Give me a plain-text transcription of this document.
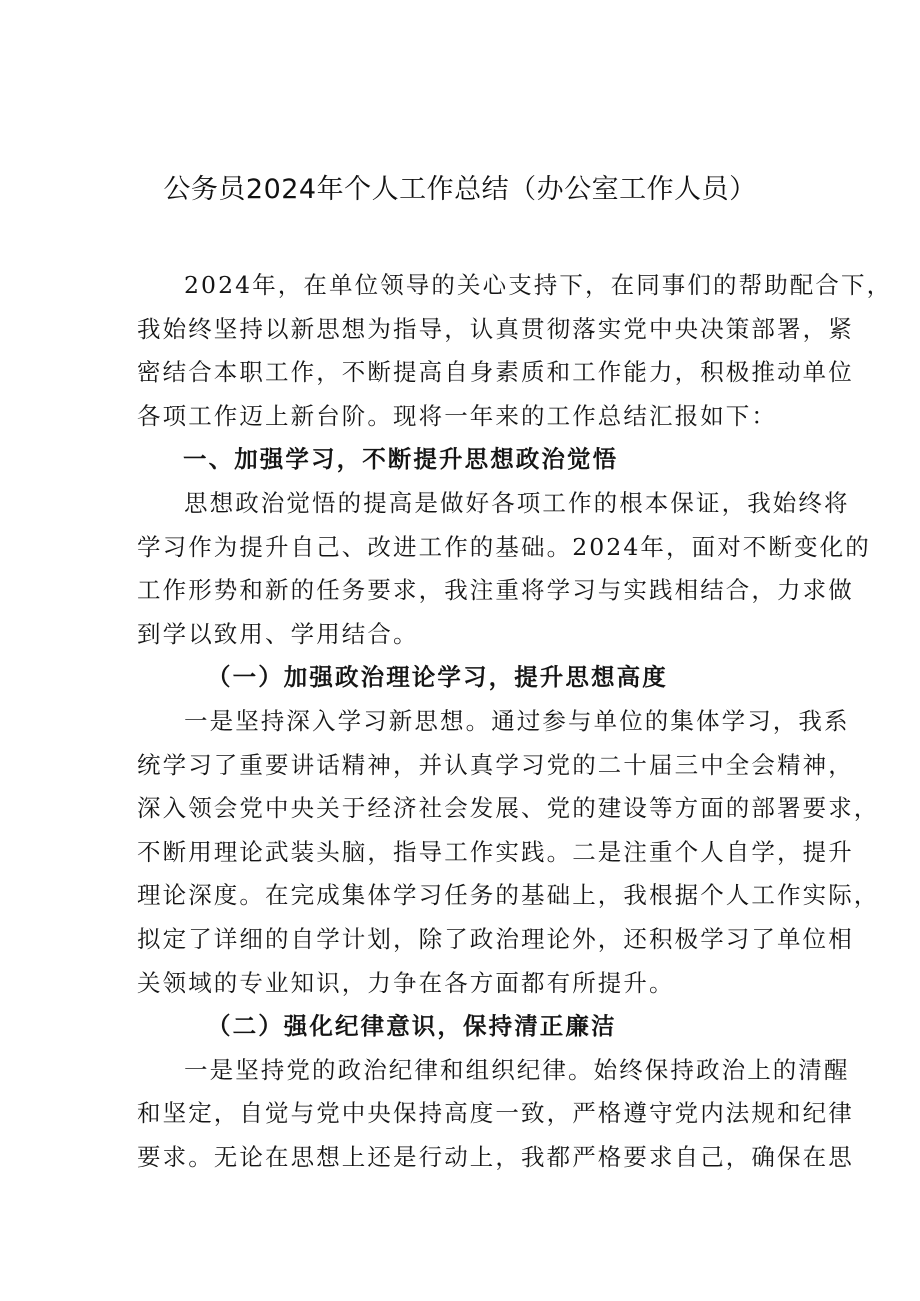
公务员2024年个人工作总结（办公室工作人员）

2024年，在单位领导的关心支持下，在同事们的帮助配合下，
我始终坚持以新思想为指导，认真贯彻落实党中央决策部署，紧
密结合本职工作，不断提高自身素质和工作能力，积极推动单位
各项工作迈上新台阶。现将一年来的工作总结汇报如下：

一、加强学习，不断提升思想政治觉悟

思想政治觉悟的提高是做好各项工作的根本保证，我始终将
学习作为提升自己、改进工作的基础。2024年，面对不断变化的
工作形势和新的任务要求，我注重将学习与实践相结合，力求做
到学以致用、学用结合。

（一）加强政治理论学习，提升思想高度

一是坚持深入学习新思想。通过参与单位的集体学习，我系
统学习了重要讲话精神，并认真学习党的二十届三中全会精神，
深入领会党中央关于经济社会发展、党的建设等方面的部署要求，
不断用理论武装头脑，指导工作实践。二是注重个人自学，提升
理论深度。在完成集体学习任务的基础上，我根据个人工作实际，
拟定了详细的自学计划，除了政治理论外，还积极学习了单位相
关领域的专业知识，力争在各方面都有所提升。

（二）强化纪律意识，保持清正廉洁

一是坚持党的政治纪律和组织纪律。始终保持政治上的清醒
和坚定，自觉与党中央保持高度一致，严格遵守党内法规和纪律
要求。无论在思想上还是行动上，我都严格要求自己，确保在思
